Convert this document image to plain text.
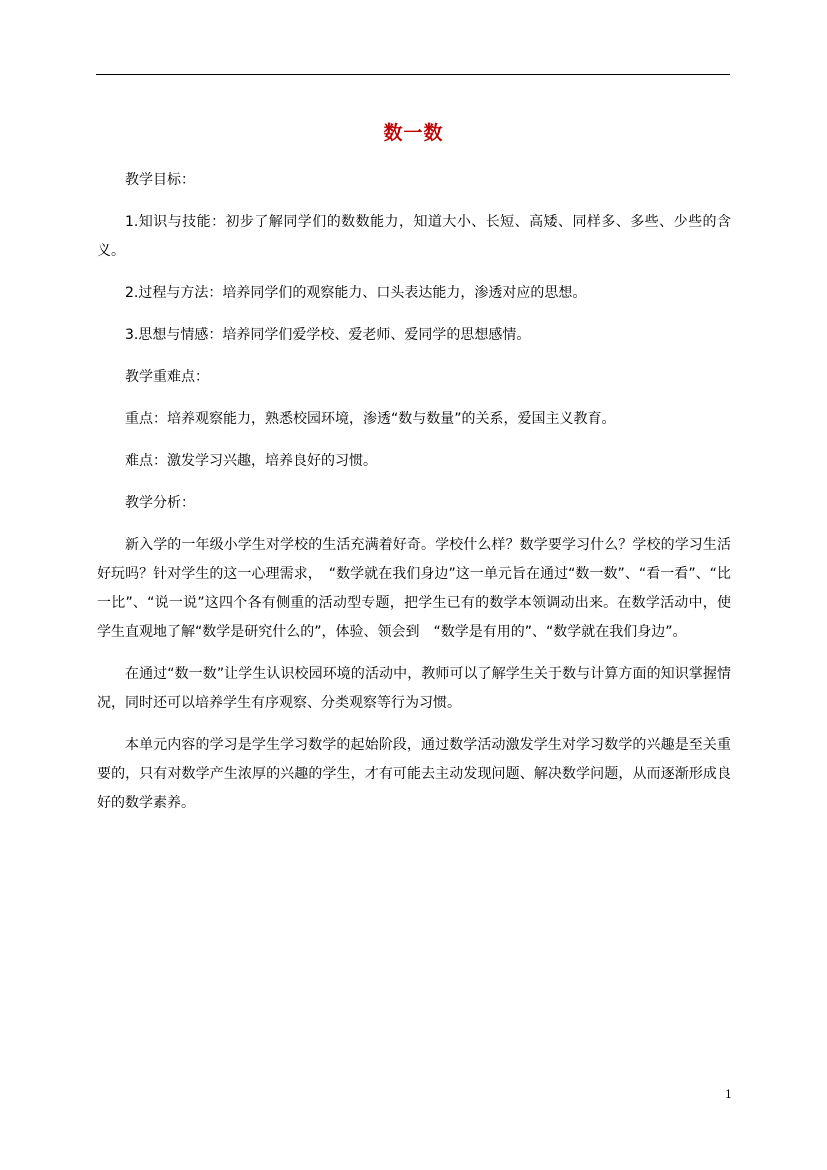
数一数

教学目标：

1.知识与技能：初步了解同学们的数数能力，知道大小、长短、高矮、同样多、多些、少些的含义。

2.过程与方法：培养同学们的观察能力、口头表达能力，渗透对应的思想。

3.思想与情感：培养同学们爱学校、爱老师、爱同学的思想感情。

教学重难点：

重点：培养观察能力，熟悉校园环境，渗透“数与数量”的关系，爱国主义教育。

难点：激发学习兴趣，培养良好的习惯。

教学分析：

新入学的一年级小学生对学校的生活充满着好奇。学校什么样？数学要学习什么？学校的学习生活好玩吗？针对学生的这一心理需求，　“数学就在我们身边”这一单元旨在通过“数一数”、“看一看”、“比一比”、“说一说”这四个各有侧重的活动型专题，把学生已有的数学本领调动出来。在数学活动中，使学生直观地了解“数学是研究什么的”，体验、领会到　“数学是有用的”、“数学就在我们身边”。

在通过“数一数”让学生认识校园环境的活动中，教师可以了解学生关于数与计算方面的知识掌握情况，同时还可以培养学生有序观察、分类观察等行为习惯。

本单元内容的学习是学生学习数学的起始阶段，通过数学活动激发学生对学习数学的兴趣是至关重要的，只有对数学产生浓厚的兴趣的学生，才有可能去主动发现问题、解决数学问题，从而逐渐形成良好的数学素养。

1
